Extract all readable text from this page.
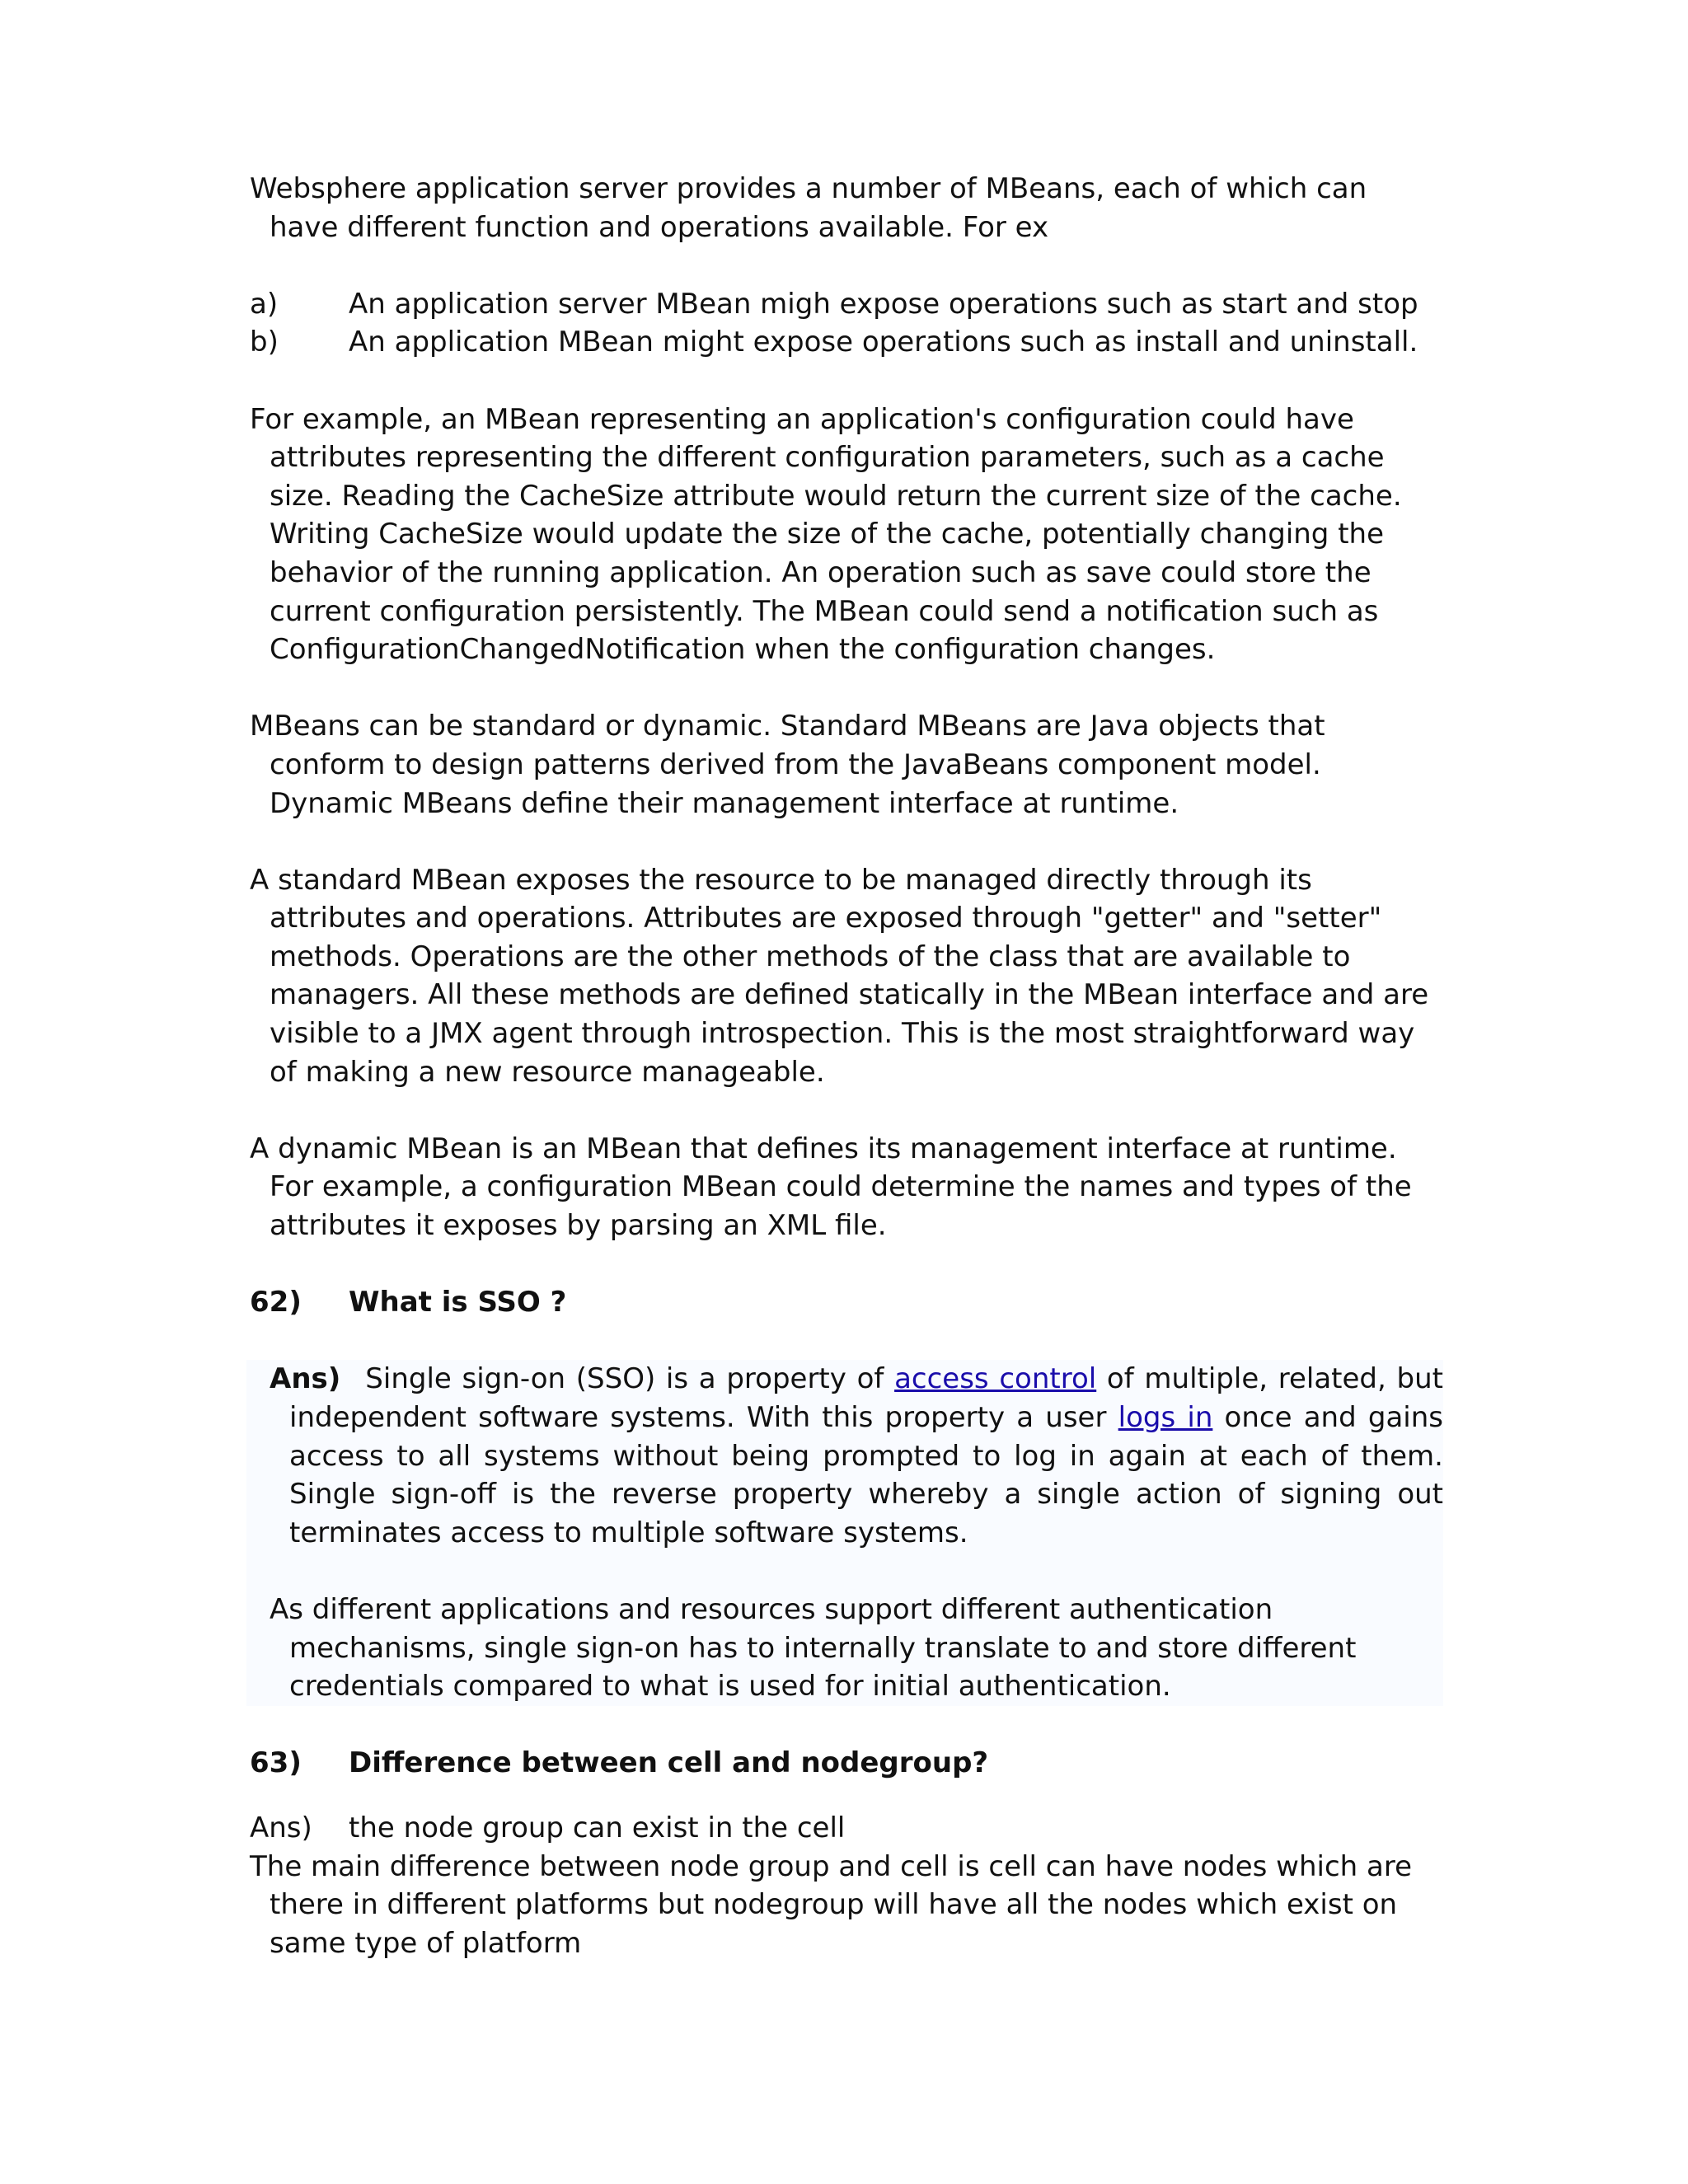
Websphere application server provides a number of MBeans, each of which can have different function and operations available. For ex

a)	An application server MBean migh expose operations such as start and stop
b)	An application MBean might expose operations such as install and uninstall.

For example, an MBean representing an application's configuration could have attributes representing the different configuration parameters, such as a cache size. Reading the CacheSize attribute would return the current size of the cache. Writing CacheSize would update the size of the cache, potentially changing the behavior of the running application. An operation such as save could store the current configuration persistently. The MBean could send a notification such as ConfigurationChangedNotification when the configuration changes.

MBeans can be standard or dynamic. Standard MBeans are Java objects that conform to design patterns derived from the JavaBeans component model. Dynamic MBeans define their management interface at runtime.

A standard MBean exposes the resource to be managed directly through its attributes and operations. Attributes are exposed through "getter" and "setter" methods. Operations are the other methods of the class that are available to managers. All these methods are defined statically in the MBean interface and are visible to a JMX agent through introspection. This is the most straightforward way of making a new resource manageable.

A dynamic MBean is an MBean that defines its management interface at runtime. For example, a configuration MBean could determine the names and types of the attributes it exposes by parsing an XML file.

62)	What is SSO ?

Ans) Single sign-on (SSO) is a property of access control of multiple, related, but independent software systems. With this property a user logs in once and gains access to all systems without being prompted to log in again at each of them. Single sign-off is the reverse property whereby a single action of signing out terminates access to multiple software systems.

As different applications and resources support different authentication mechanisms, single sign-on has to internally translate to and store different credentials compared to what is used for initial authentication.

63)	Difference between cell and nodegroup?
Ans)	the node group can exist in the cell

The main difference between node group and cell is cell can have nodes which are there in different platforms but nodegroup will have all the nodes which exist on same type of platform
